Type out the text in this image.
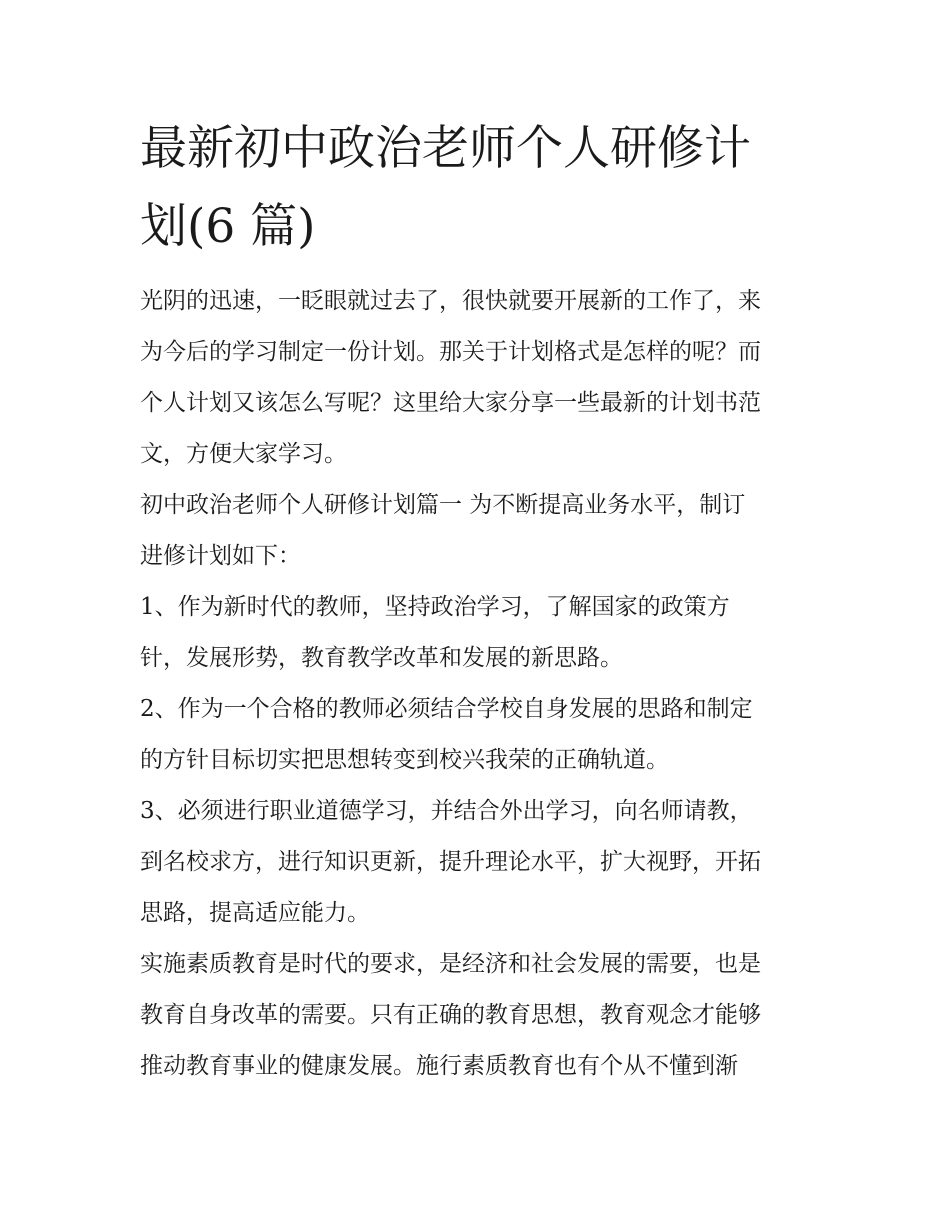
最新初中政治老师个人研修计
划(6 篇)
光阴的迅速，一眨眼就过去了，很快就要开展新的工作了，来
为今后的学习制定一份计划。那关于计划格式是怎样的呢？而
个人计划又该怎么写呢？这里给大家分享一些最新的计划书范
文，方便大家学习。
初中政治老师个人研修计划篇一 为不断提高业务水平，制订
进修计划如下：
1、作为新时代的教师，坚持政治学习，了解国家的政策方
针，发展形势，教育教学改革和发展的新思路。
2、作为一个合格的教师必须结合学校自身发展的思路和制定
的方针目标切实把思想转变到校兴我荣的正确轨道。
3、必须进行职业道德学习，并结合外出学习，向名师请教，
到名校求方，进行知识更新，提升理论水平，扩大视野，开拓
思路，提高适应能力。
实施素质教育是时代的要求，是经济和社会发展的需要，也是
教育自身改革的需要。只有正确的教育思想，教育观念才能够
推动教育事业的健康发展。施行素质教育也有个从不懂到渐
